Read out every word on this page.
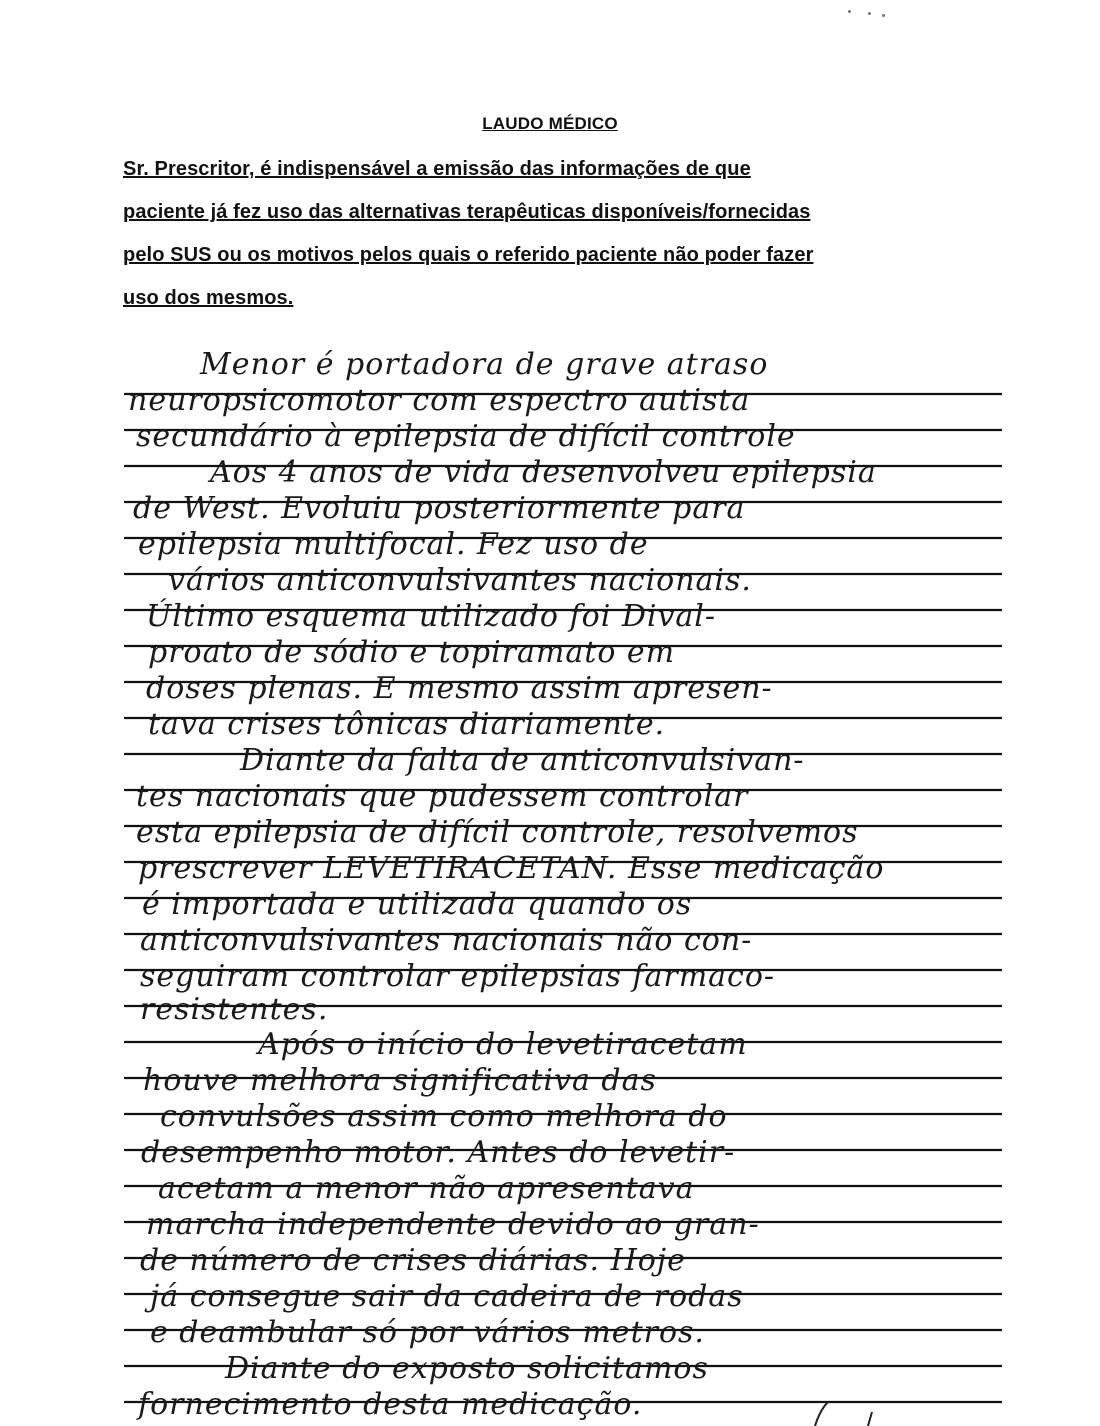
LAUDO MÉDICO
Sr. Prescritor, é indispensável a emissão das informações de que
paciente já fez uso das alternativas terapêuticas disponíveis/fornecidas
pelo SUS ou os motivos pelos quais o referido paciente não poder fazer
uso dos mesmos.
Menor é portadora de grave atraso
neuropsicomotor com espectro autista
secundário à epilepsia de difícil controle
Aos 4 anos de vida desenvolveu epilepsia
de West. Evoluiu posteriormente para
epilepsia multifocal. Fez uso de
vários anticonvulsivantes nacionais.
Último esquema utilizado foi Dival-
proato de sódio e topiramato em
doses plenas. E mesmo assim apresen-
tava crises tônicas diariamente.
Diante da falta de anticonvulsivan-
tes nacionais que pudessem controlar
esta epilepsia de difícil controle, resolvemos
prescrever LEVETIRACETAN. Esse medicação
é importada e utilizada quando os
anticonvulsivantes nacionais não con-
seguiram controlar epilepsias farmaco-
resistentes.
Após o início do levetiracetam
houve melhora significativa das
convulsões assim como melhora do
desempenho motor. Antes do levetir-
acetam a menor não apresentava
marcha independente devido ao gran-
de número de crises diárias. Hoje
já consegue sair da cadeira de rodas
e deambular só por vários metros.
Diante do exposto solicitamos
fornecimento desta medicação.
